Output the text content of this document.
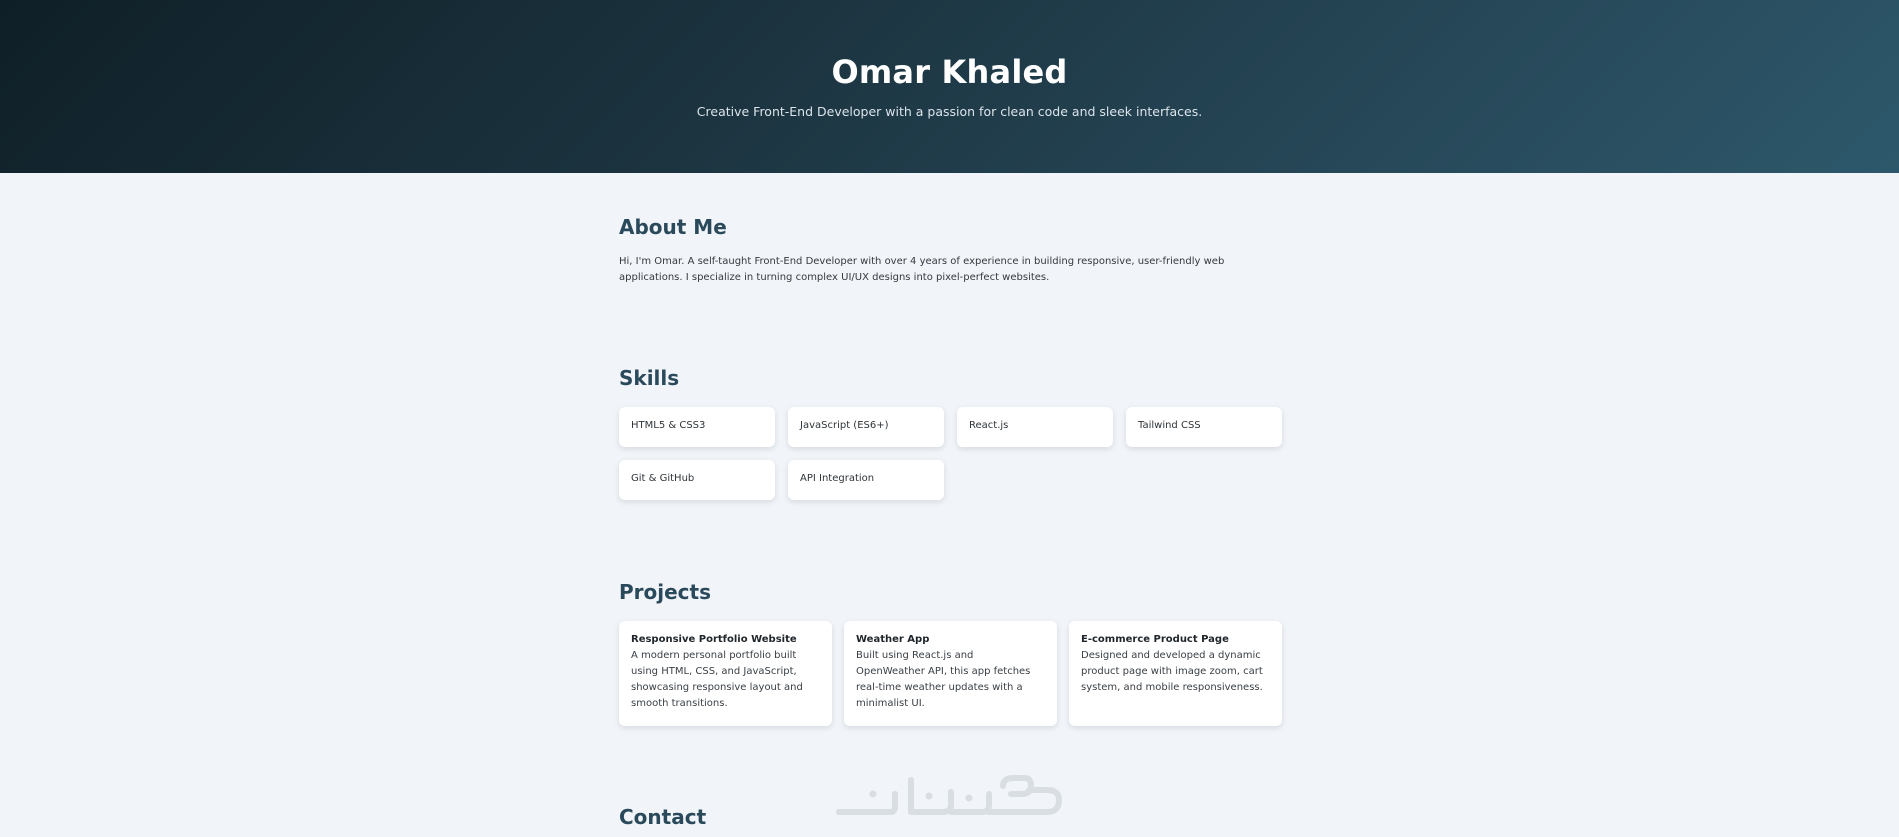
Omar Khaled

Creative Front-End Developer with a passion for clean code and sleek interfaces.

About Me

Hi, I'm Omar. A self-taught Front-End Developer with over 4 years of experience in building responsive, user-friendly web applications. I specialize in turning complex UI/UX designs into pixel-perfect websites.

Skills
HTML5 & CSS3	JavaScript (ES6+)	React.js	Tailwind CSS
Git & GitHub	API Integration
Projects
Responsive Portfolio Website
A modern personal portfolio built using HTML, CSS, and JavaScript, showcasing responsive layout and smooth transitions.
Weather App
Built using React.js and OpenWeather API, this app fetches real-time weather updates with a minimalist UI.
E-commerce Product Page
Designed and developed a dynamic product page with image zoom, cart system, and mobile responsiveness.
Contact
